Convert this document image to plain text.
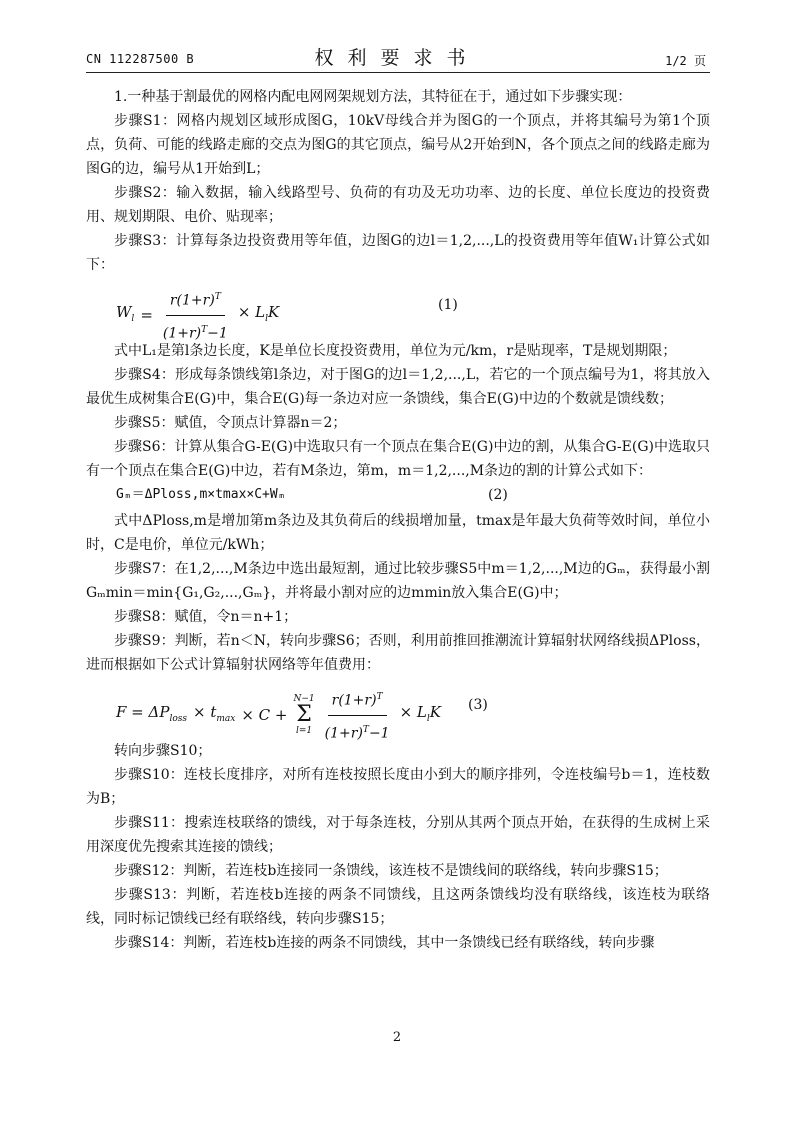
CN 112287500 B	权利要求书	1/2 页

1.一种基于割最优的网格内配电网网架规划方法，其特征在于，通过如下步骤实现：

步骤S1：网格内规划区域形成图G，10kV母线合并为图G的一个顶点，并将其编号为第1个顶点，负荷、可能的线路走廊的交点为图G的其它顶点，编号从2开始到N，各个顶点之间的线路走廊为图G的边，编号从1开始到L；

步骤S2：输入数据，输入线路型号、负荷的有功及无功功率、边的长度、单位长度边的投资费用、规划期限、电价、贴现率；

步骤S3：计算每条边投资费用等年值，边图G的边l＝1,2,...,L的投资费用等年值W₁计算公式如下：

$W_l = \frac{r(1+r)^T}{(1+r)^T-1} \times L_lK$	(1)

式中L₁是第l条边长度，K是单位长度投资费用，单位为元/km，r是贴现率，T是规划期限；

步骤S4：形成每条馈线第l条边，对于图G的边l＝1,2,...,L，若它的一个顶点编号为1，将其放入最优生成树集合E(G)中，集合E(G)每一条边对应一条馈线，集合E(G)中边的个数就是馈线数；

步骤S5：赋值，令顶点计算器n＝2；

步骤S6：计算从集合G-E(G)中选取只有一个顶点在集合E(G)中边的割，从集合G-E(G)中选取只有一个顶点在集合E(G)中边，若有M条边，第m，m＝1,2,...,M条边的割的计算公式如下：

Gₘ＝ΔPloss,m×tmax×C+Wₘ	(2)

式中ΔPloss,m是增加第m条边及其负荷后的线损增加量，tmax是年最大负荷等效时间，单位小时，C是电价，单位元/kWh；

步骤S7：在1,2,...,M条边中选出最短割，通过比较步骤S5中m＝1,2,...,M边的Gₘ，获得最小割Gₘmin＝min{G₁,G₂,...,Gₘ}，并将最小割对应的边mmin放入集合E(G)中；

步骤S8：赋值，令n＝n+1；

步骤S9：判断，若n＜N，转向步骤S6；否则，利用前推回推潮流计算辐射状网络线损ΔPloss，进而根据如下公式计算辐射状网络等年值费用：

$F = \Delta P_{loss} \times t_{max} \times C$ +
N−1
Σ
$l=1 \frac{r(1+r)^T}{(1+r)^T-1} \times L_lK$ (3)

转向步骤S10；

步骤S10：连枝长度排序，对所有连枝按照长度由小到大的顺序排列，令连枝编号b＝1，连枝数为B；

步骤S11：搜索连枝联络的馈线，对于每条连枝，分别从其两个顶点开始，在获得的生成树上采用深度优先搜索其连接的馈线；

步骤S12：判断，若连枝b连接同一条馈线，该连枝不是馈线间的联络线，转向步骤S15；

步骤S13：判断，若连枝b连接的两条不同馈线，且这两条馈线均没有联络线，该连枝为联络线，同时标记馈线已经有联络线，转向步骤S15；

步骤S14：判断，若连枝b连接的两条不同馈线，其中一条馈线已经有联络线，转向步骤

2
